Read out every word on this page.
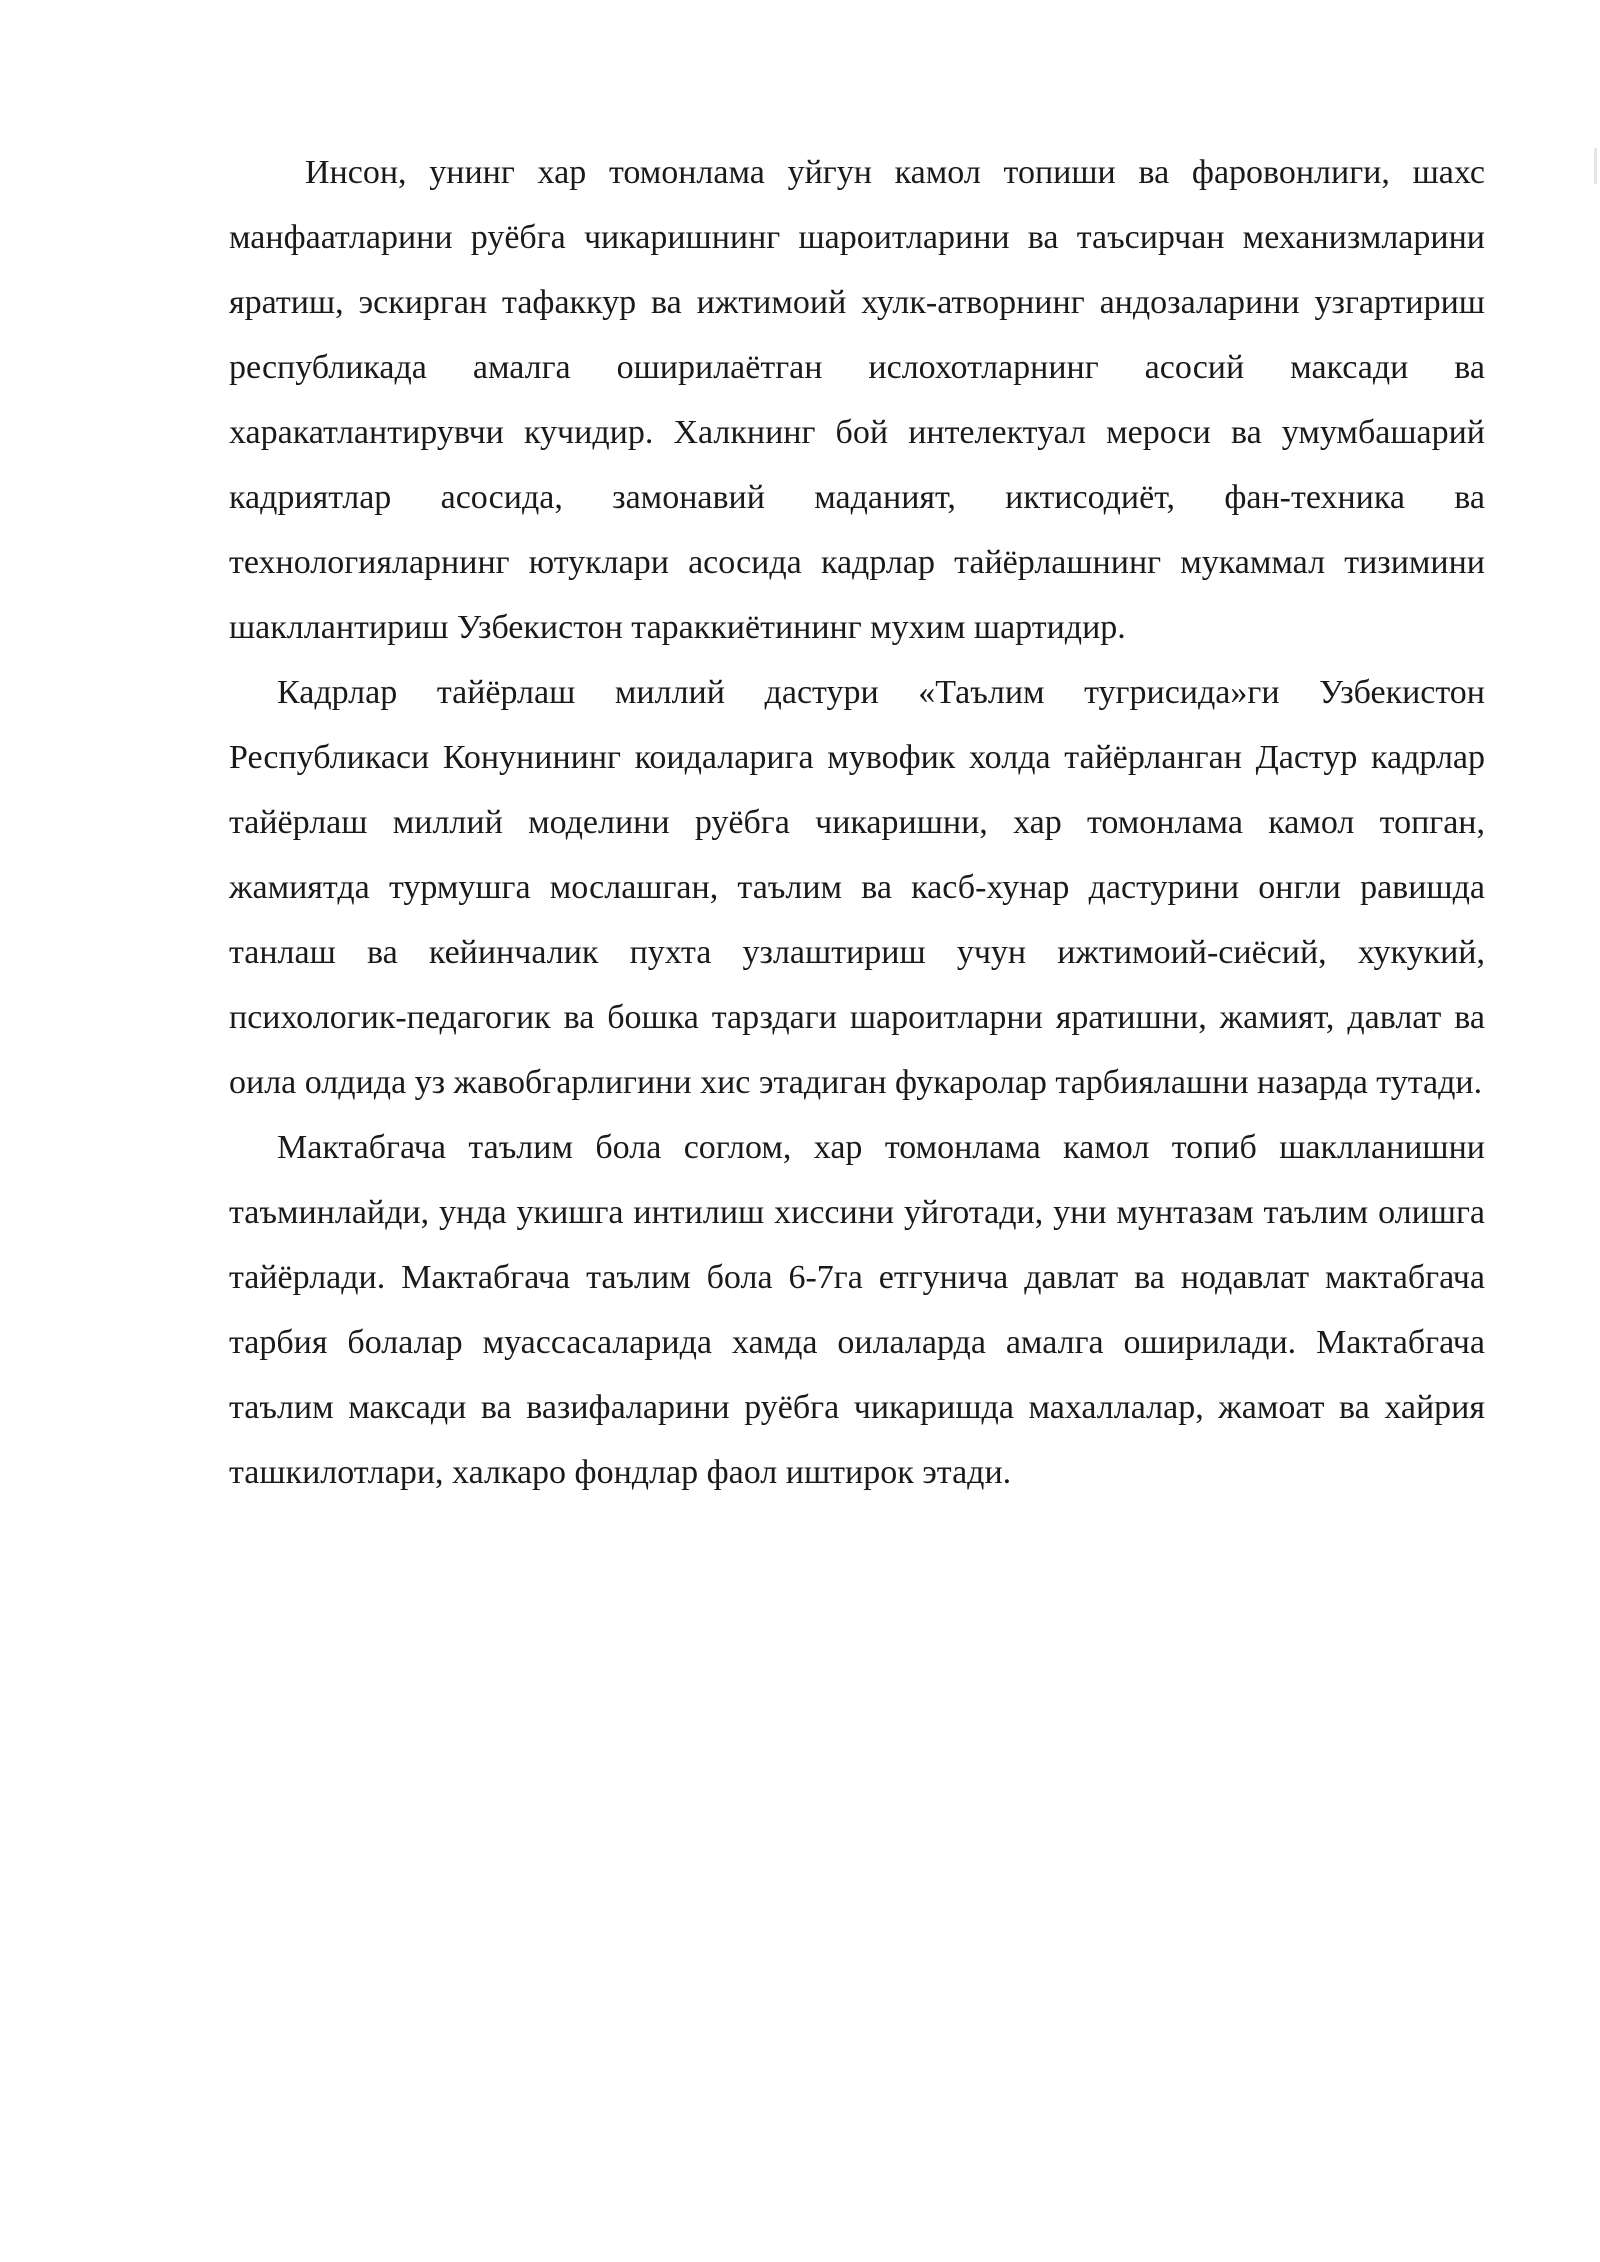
Инсон, унинг хар томонлама уйгун камол топиши ва фаровонлиги, шахс манфаатларини руёбга чикаришнинг шароитларини ва таъсирчан механизмларини яратиш, эскирган тафаккур ва ижтимоий хулк-атворнинг андозаларини узгартириш республикада амалга оширилаётган ислохотларнинг асосий максади ва харакатлантирувчи кучидир. Халкнинг бой интелектуал мероси ва умумбашарий кадриятлар асосида, замонавий маданият, иктисодиёт, фан-техника ва технологияларнинг ютуклари асосида кадрлар тайёрлашнинг мукаммал тизимини шакллантириш Узбекистон тараккиётининг мухим шартидир.

Кадрлар тайёрлаш миллий дастури «Таълим тугрисида»ги Узбекистон Республикаси Конунининг коидаларига мувофик холда тайёрланган Дастур кадрлар тайёрлаш миллий моделини руёбга чикаришни, хар томонлама камол топган, жамиятда турмушга мослашган, таълим ва касб-хунар дастурини онгли равишда танлаш ва кейинчалик пухта узлаштириш учун ижтимоий-сиёсий, хукукий, психологик-педагогик ва бошка тарздаги шароитларни яратишни, жамият, давлат ва оила олдида уз жавобгарлигини хис этадиган фукаролар тарбиялашни назарда тутади.

Мактабгача таълим бола соглом, хар томонлама камол топиб шаклланишни таъминлайди, унда укишга интилиш хиссини уйготади, уни мунтазам таълим олишга тайёрлади. Мактабгача таълим бола 6-7га етгунича давлат ва нодавлат мактабгача тарбия болалар муассасаларида хамда оилаларда амалга оширилади. Мактабгача таълим максади ва вазифаларини руёбга чикаришда махаллалар, жамоат ва хайрия ташкилотлари, халкаро фондлар фаол иштирок этади.
